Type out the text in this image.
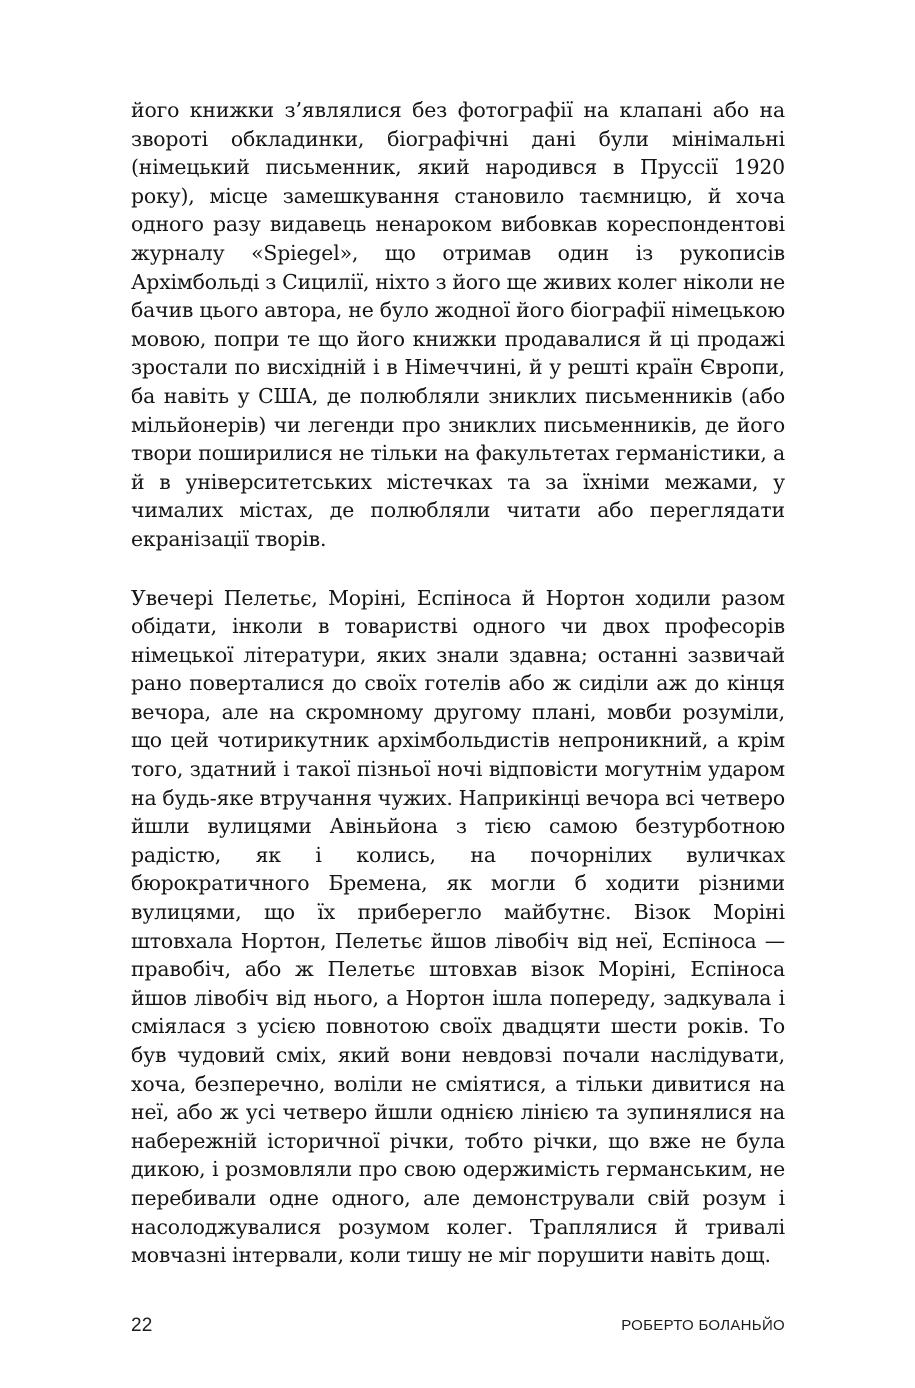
його книжки з’являлися без фотографії на клапані або на звороті обкладинки, біографічні дані були мінімальні (німецький письменник, який народився в Пруссії 1920 року), місце замешкування становило таємницю, й хоча одного разу видавець ненароком вибовкав кореспондентові журналу «Spiegel», що отримав один із рукописів Архімбольді з Сицилії, ніхто з його ще живих колег ніколи не бачив цього автора, не було жодної його біографії німецькою мовою, попри те що його книжки продавалися й ці продажі зростали по висхідній і в Німеччині, й у решті країн Європи, ба навіть у США, де полюбляли зниклих письменників (або мільйонерів) чи легенди про зниклих письменників, де його твори поширилися не тільки на факультетах германістики, а й в університетських містечках та за їхніми межами, у чималих містах, де полюбляли читати або переглядати екранізації творів.

Увечері Пелетьє, Моріні, Еспіноса й Нортон ходили разом обідати, інколи в товаристві одного чи двох професорів німецької літератури, яких знали здавна; останні зазвичай рано поверталися до своїх готелів або ж сиділи аж до кінця вечора, але на скромному другому плані, мовби розуміли, що цей чотирикутник архімбольдистів непроникний, а крім того, здатний і такої пізньої ночі відповісти могутнім ударом на будь-яке втручання чужих. Наприкінці вечора всі четверо йшли вулицями Авіньйона з тією самою безтурботною радістю, як і колись, на почорнілих вуличках бюрократичного Бремена, як могли б ходити різними вулицями, що їх приберегло майбутнє. Візок Моріні штовхала Нортон, Пелетьє йшов лівобіч від неї, Еспіноса — правобіч, або ж Пелетьє штовхав візок Моріні, Еспіноса йшов лівобіч від нього, а Нортон ішла попереду, задкувала і сміялася з усією повнотою своїх двадцяти шести років. То був чудовий сміх, який вони невдовзі почали наслідувати, хоча, безперечно, воліли не сміятися, а тільки дивитися на неї, або ж усі четверо йшли однією лінією та зупинялися на набережній історичної річки, тобто річки, що вже не була дикою, і розмовляли про свою одержимість германським, не перебивали одне одного, але демонстрували свій розум і насолоджувалися розумом колег. Траплялися й тривалі мовчазні інтервали, коли тишу не міг порушити навіть дощ.

22	РОБЕРТО БОЛАНЬЙО
